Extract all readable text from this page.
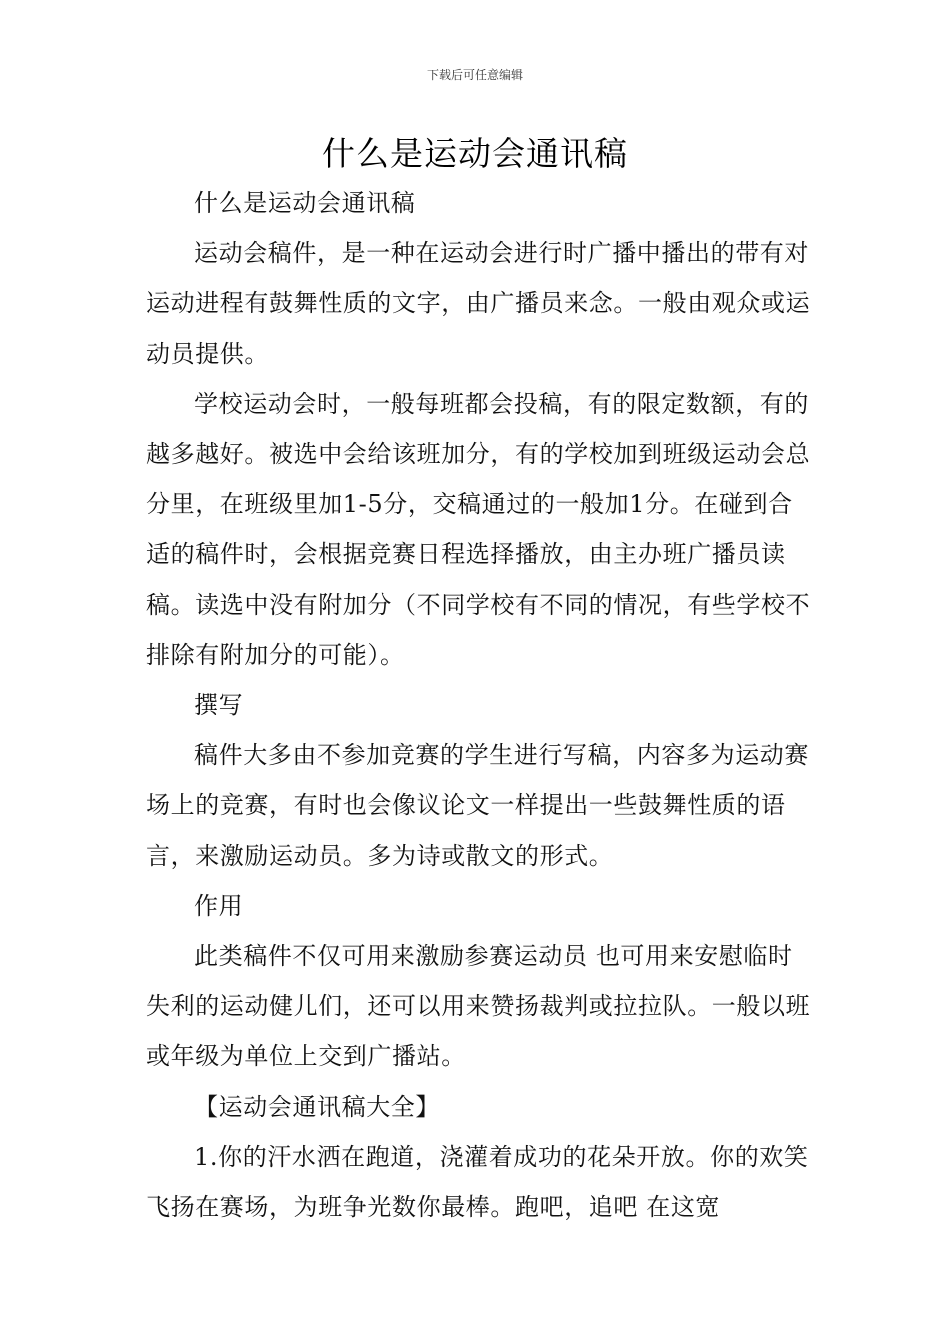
下载后可任意编辑
什么是运动会通讯稿

什么是运动会通讯稿

运动会稿件，是一种在运动会进行时广播中播出的带有对运动进程有鼓舞性质的文字，由广播员来念。一般由观众或运动员提供。

学校运动会时，一般每班都会投稿，有的限定数额，有的越多越好。被选中会给该班加分，有的学校加到班级运动会总分里，在班级里加1-5分，交稿通过的一般加1分。在碰到合适的稿件时，会根据竞赛日程选择播放，由主办班广播员读稿。读选中没有附加分（不同学校有不同的情况，有些学校不排除有附加分的可能）。

撰写

稿件大多由不参加竞赛的学生进行写稿，内容多为运动赛场上的竞赛，有时也会像议论文一样提出一些鼓舞性质的语言，来激励运动员。多为诗或散文的形式。

作用

此类稿件不仅可用来激励参赛运动员 也可用来安慰临时失利的运动健儿们，还可以用来赞扬裁判或拉拉队。一般以班或年级为单位上交到广播站。

【运动会通讯稿大全】

1.你的汗水洒在跑道，浇灌着成功的花朵开放。你的欢笑飞扬在赛场，为班争光数你最棒。跑吧，追吧 在这宽
